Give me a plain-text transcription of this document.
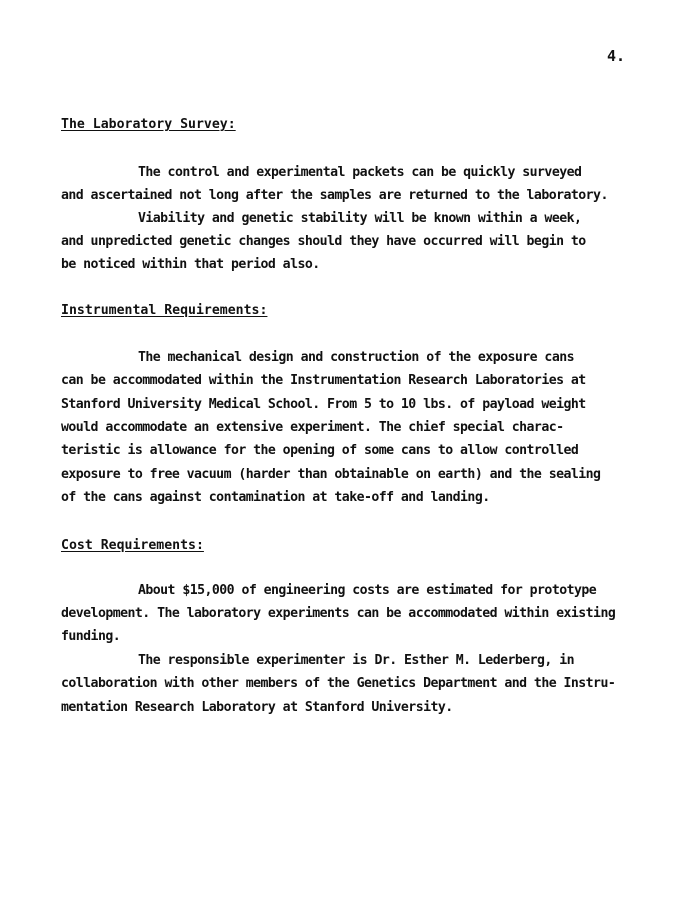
4.
The Laboratory Survey:
The control and experimental packets can be quickly surveyed
and ascertained not long after the samples are returned to the laboratory.
Viability and genetic stability will be known within a week,
and unpredicted genetic changes should they have occurred will begin to
be noticed within that period also.
Instrumental Requirements:
The mechanical design and construction of the exposure cans
can be accommodated within the Instrumentation Research Laboratories at
Stanford University Medical School. From 5 to 10 lbs. of payload weight
would accommodate an extensive experiment. The chief special charac-
teristic is allowance for the opening of some cans to allow controlled
exposure to free vacuum (harder than obtainable on earth) and the sealing
of the cans against contamination at take-off and landing.
Cost Requirements:
About $15,000 of engineering costs are estimated for prototype
development. The laboratory experiments can be accommodated within existing
funding.
The responsible experimenter is Dr. Esther M. Lederberg, in
collaboration with other members of the Genetics Department and the Instru-
mentation Research Laboratory at Stanford University.
